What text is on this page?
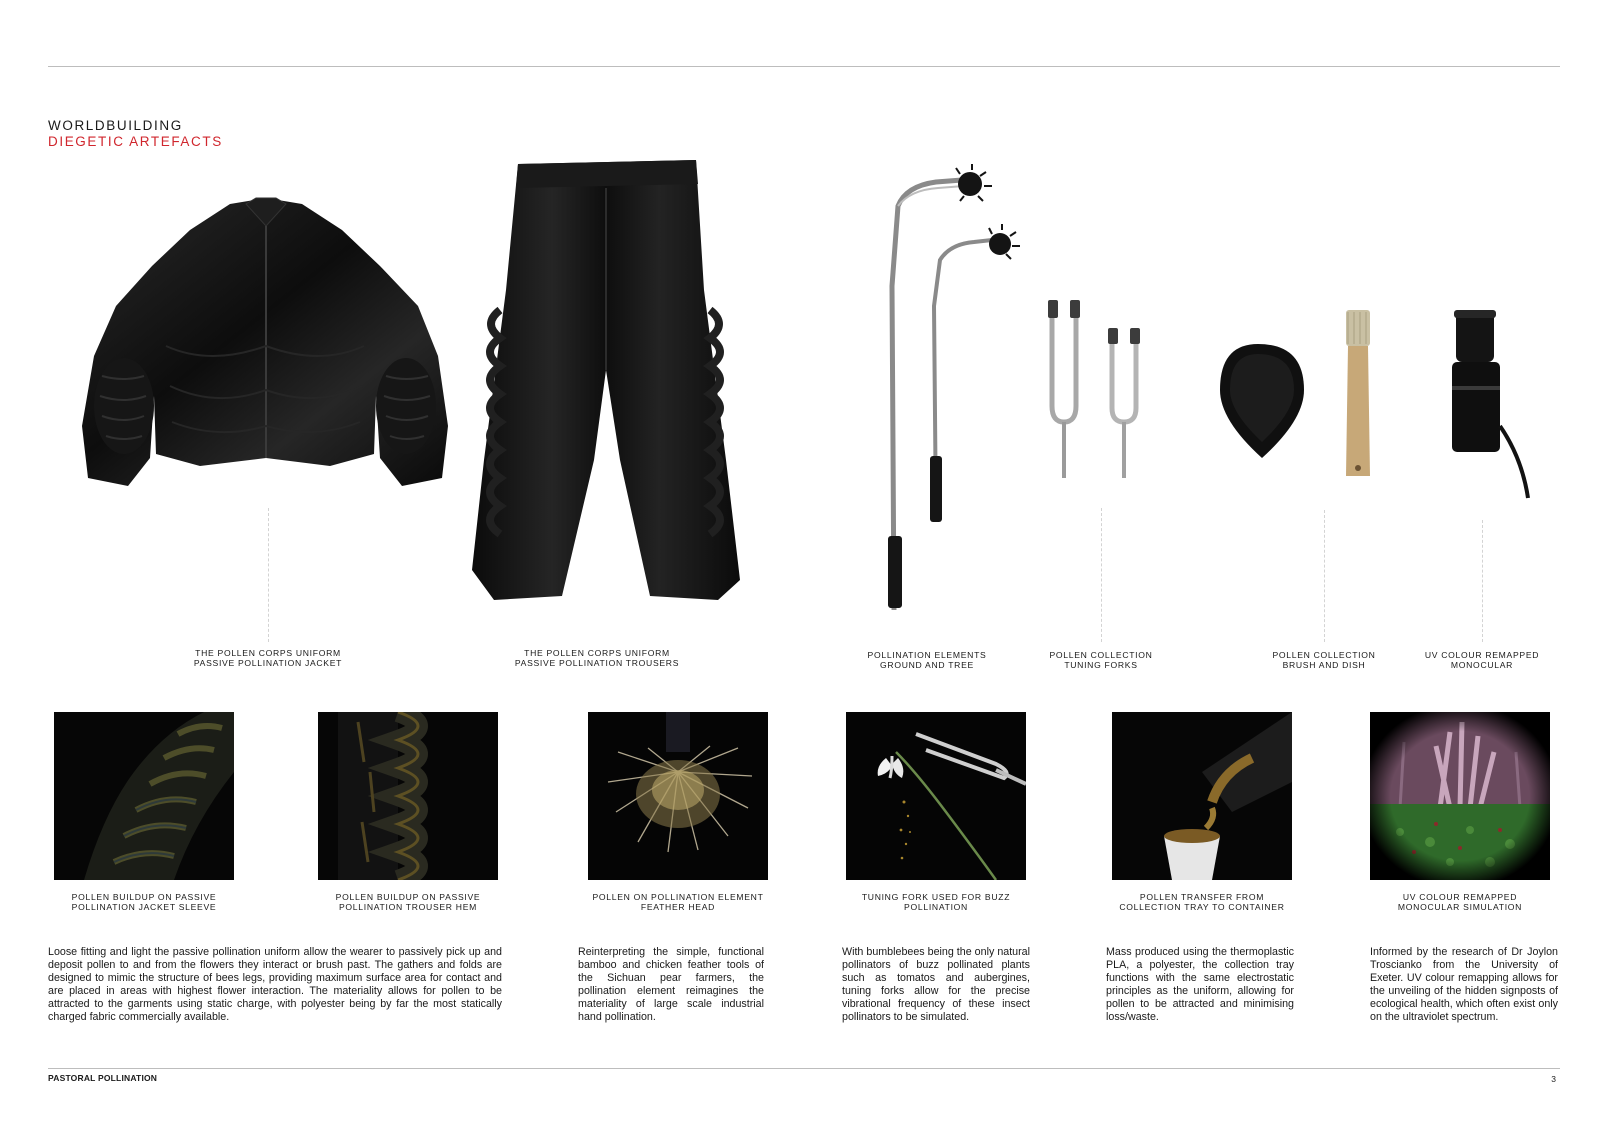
WORLDBUILDING
DIEGETIC ARTEFACTS
THE POLLEN CORPS UNIFORM
PASSIVE POLLINATION JACKET
THE POLLEN CORPS UNIFORM
PASSIVE POLLINATION TROUSERS
POLLINATION ELEMENTS
GROUND AND TREE
POLLEN COLLECTION
TUNING FORKS
POLLEN COLLECTION
BRUSH AND DISH
UV COLOUR REMAPPED
MONOCULAR
POLLEN BUILDUP ON PASSIVE
POLLINATION JACKET SLEEVE
POLLEN BUILDUP ON PASSIVE
POLLINATION TROUSER HEM
POLLEN ON POLLINATION ELEMENT
FEATHER HEAD
TUNING FORK USED FOR BUZZ
POLLINATION
POLLEN TRANSFER FROM
COLLECTION TRAY TO CONTAINER
UV COLOUR REMAPPED
MONOCULAR SIMULATION
Loose fitting and light the passive pollination uniform allow the wearer to passively pick up and deposit pollen to and from the flowers they interact or brush past. The gathers and folds are designed to mimic the structure of bees legs, providing maximum surface area for contact and are placed in areas with highest flower interaction. The materiality allows for pollen to be attracted to the garments using static charge, with polyester being by far the most statically charged fabric commercially available.
Reinterpreting the simple, functional bamboo and chicken feather tools of the Sichuan pear farmers, the pollination element reimagines the materiality of large scale industrial hand pollination.
With bumblebees being the only natural pollinators of buzz pollinated plants such as tomatos and aubergines, tuning forks allow for the precise vibrational frequency of these insect pollinators to be simulated.
Mass produced using the thermoplastic PLA, a polyester, the collection tray functions with the same electrostatic principles as the uniform, allowing for pollen to be attracted and minimising loss/waste.
Informed by the research of Dr Joylon Troscianko from the University of Exeter. UV colour remapping allows for the unveiling of the hidden signposts of ecological health, which often exist only on the ultraviolet spectrum.
PASTORAL POLLINATION	3
